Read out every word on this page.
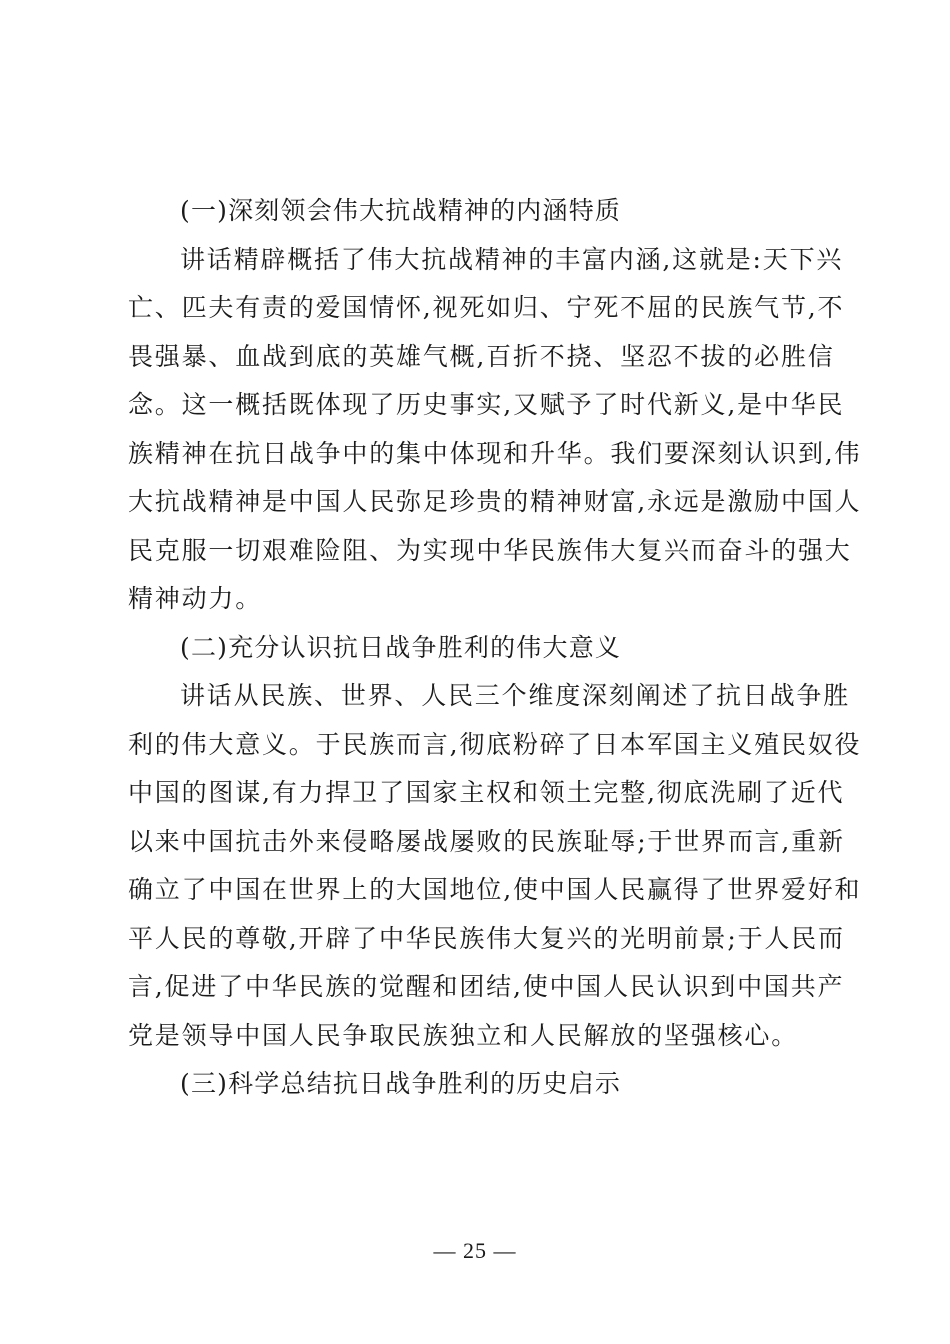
(一)深刻领会伟大抗战精神的内涵特质
讲话精辟概括了伟大抗战精神的丰富内涵,这就是:天下兴
亡、匹夫有责的爱国情怀,视死如归、宁死不屈的民族气节,不
畏强暴、血战到底的英雄气概,百折不挠、坚忍不拔的必胜信
念。这一概括既体现了历史事实,又赋予了时代新义,是中华民
族精神在抗日战争中的集中体现和升华。我们要深刻认识到,伟
大抗战精神是中国人民弥足珍贵的精神财富,永远是激励中国人
民克服一切艰难险阻、为实现中华民族伟大复兴而奋斗的强大
精神动力。
(二)充分认识抗日战争胜利的伟大意义
讲话从民族、世界、人民三个维度深刻阐述了抗日战争胜
利的伟大意义。于民族而言,彻底粉碎了日本军国主义殖民奴役
中国的图谋,有力捍卫了国家主权和领土完整,彻底洗刷了近代
以来中国抗击外来侵略屡战屡败的民族耻辱;于世界而言,重新
确立了中国在世界上的大国地位,使中国人民赢得了世界爱好和
平人民的尊敬,开辟了中华民族伟大复兴的光明前景;于人民而
言,促进了中华民族的觉醒和团结,使中国人民认识到中国共产
党是领导中国人民争取民族独立和人民解放的坚强核心。
(三)科学总结抗日战争胜利的历史启示
— 25 —
